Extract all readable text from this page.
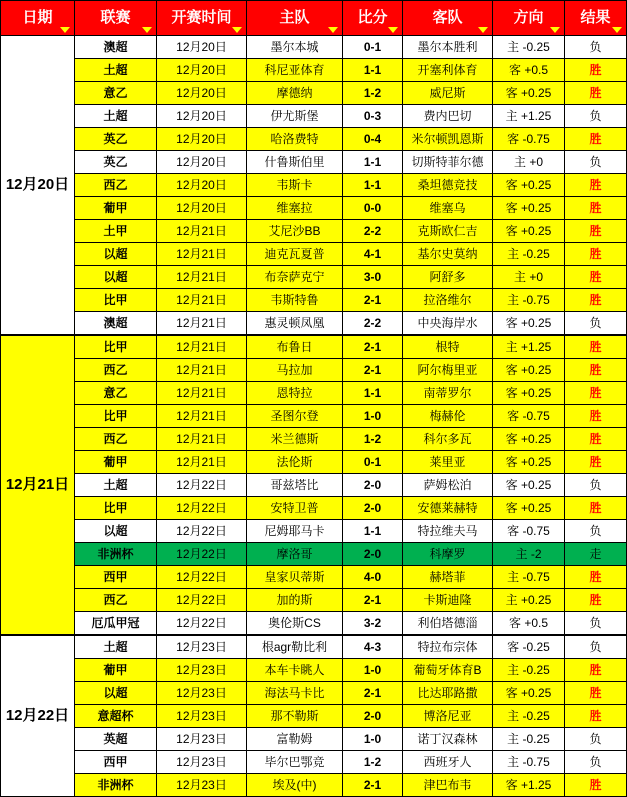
日期	联赛	开赛时间	主队	比分	客队	方向	结果

12月20日	澳超	12月20日	墨尔本城	0-1	墨尔本胜利	主 -0.25	负
	土超	12月20日	科尼亚体育	1-1	开塞利体育	客 +0.5	胜
	意乙	12月20日	摩德纳	1-2	威尼斯	客 +0.25	胜
	土超	12月20日	伊尤斯堡	0-3	费内巴切	主 +1.25	负
	英乙	12月20日	哈洛费特	0-4	米尔顿凯恩斯	客 -0.75	胜
	英乙	12月20日	什鲁斯伯里	1-1	切斯特菲尔德	主 +0	负
	西乙	12月20日	韦斯卡	1-1	桑坦德竞技	客 +0.25	胜
	葡甲	12月20日	维塞拉	0-0	维塞乌	客 +0.25	胜
	土甲	12月21日	艾尼沙BB	2-2	克斯欧仁吉	客 +0.25	胜
	以超	12月21日	迪克瓦夏普	4-1	基尔史莫纳	主 -0.25	胜
	以超	12月21日	布奈萨克宁	3-0	阿舒多	主 +0	胜
	比甲	12月21日	韦斯特鲁	2-1	拉洛维尔	主 -0.75	胜
	澳超	12月21日	惠灵顿凤凰	2-2	中央海岸水	客 +0.25	负
12月21日	比甲	12月21日	布鲁日	2-1	根特	主 +1.25	胜
	西乙	12月21日	马拉加	2-1	阿尔梅里亚	客 +0.25	胜
	意乙	12月21日	恩特拉	1-1	南蒂罗尔	客 +0.25	胜
	比甲	12月21日	圣图尔登	1-0	梅赫伦	客 -0.75	胜
	西乙	12月21日	米兰德斯	1-2	科尔多瓦	客 +0.25	胜
	葡甲	12月21日	法伦斯	0-1	莱里亚	客 +0.25	胜
	土超	12月22日	哥兹塔比	2-0	萨姆松泊	客 +0.25	负
	比甲	12月22日	安特卫普	2-0	安德莱赫特	客 +0.25	胜
	以超	12月22日	尼姆耶马卡	1-1	特拉维夫马	客 -0.75	负
	非洲杯	12月22日	摩洛哥	2-0	科摩罗	主 -2	走
	西甲	12月22日	皇家贝蒂斯	4-0	赫塔菲	主 -0.75	胜
	西乙	12月22日	加的斯	2-1	卡斯迪隆	主 +0.25	胜
	厄瓜甲冠	12月22日	奥伦斯CS	3-2	利伯塔德淄	客 +0.5	负
12月22日	土超	12月23日	根agr勒比利	4-3	特拉布宗体	客 -0.25	负
	葡甲	12月23日	本车卡眺人	1-0	葡萄牙体育B	主 -0.25	胜
	以超	12月23日	海法马卡比	2-1	比达耶路撒	客 +0.25	胜
	意超杯	12月23日	那不勒斯	2-0	博洛尼亚	主 -0.25	胜
	英超	12月23日	富勒姆	1-0	诺丁汉森林	主 -0.25	负
	西甲	12月23日	毕尔巴鄂竞	1-2	西班牙人	主 -0.75	负
	非洲杯	12月23日	埃及(中)	2-1	津巴布韦	客 +1.25	胜
